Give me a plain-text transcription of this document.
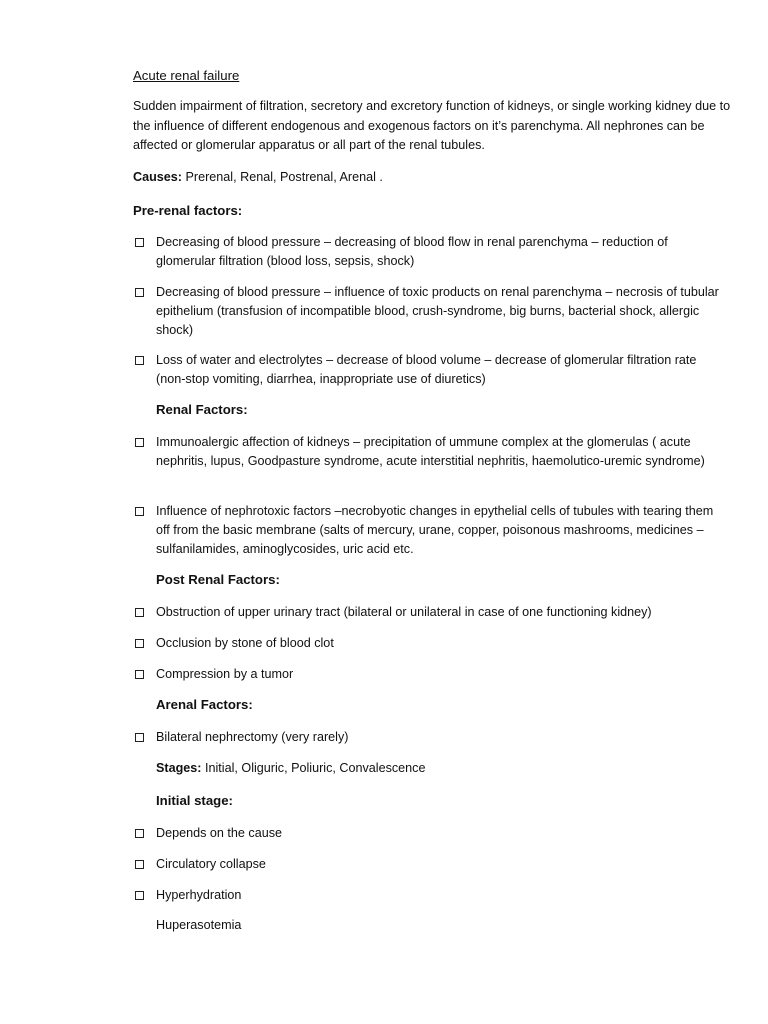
Acute renal failure
Sudden impairment of filtration, secretory and excretory function of kidneys, or single working kidney due to the influence of different endogenous and exogenous factors on it’s parenchyma. All nephrones can be affected or glomerular apparatus or all part of the renal tubules.
Causes: Prerenal, Renal, Postrenal, Arenal .
Pre-renal factors:
Decreasing of blood pressure – decreasing of blood flow in renal parenchyma – reduction of glomerular filtration (blood loss, sepsis, shock)
Decreasing of blood pressure – influence of toxic products on renal parenchyma – necrosis of tubular epithelium (transfusion of incompatible blood, crush-syndrome, big burns, bacterial shock, allergic shock)
Loss of water and electrolytes – decrease of blood volume – decrease of glomerular filtration rate (non-stop vomiting, diarrhea, inappropriate use of diuretics)
Renal Factors:
Immunoalergic affection of kidneys – precipitation of ummune complex at the glomerulas ( acute nephritis, lupus, Goodpasture syndrome, acute interstitial nephritis, haemolutico-uremic syndrome)
Influence of nephrotoxic factors –necrobyotic changes in epythelial cells of tubules with tearing them off from the basic membrane (salts of mercury, urane, copper, poisonous mashrooms, medicines – sulfanilamides, aminoglycosides, uric acid etc.
Post Renal Factors:
Obstruction of upper urinary tract (bilateral or unilateral in case of one functioning kidney)
Occlusion by stone of blood clot
Compression by a tumor
Arenal Factors:
Bilateral nephrectomy (very rarely)
Stages: Initial, Oliguric, Poliuric, Convalescence
Initial stage:
Depends on the cause
Circulatory collapse
Hyperhydration
Huperasotemia
